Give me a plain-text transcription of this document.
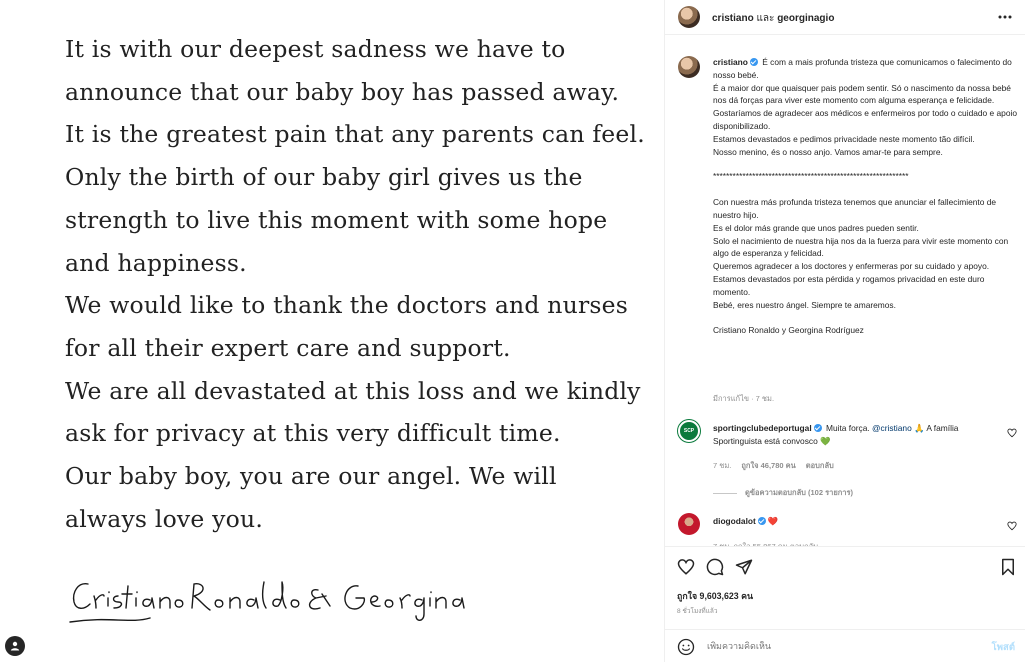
It is with our deepest sadness we have to
announce that our baby boy has passed away.
It is the greatest pain that any parents can feel.
Only the birth of our baby girl gives us the
strength to live this moment with some hope
and happiness.
We would like to thank the doctors and nurses
for all their expert care and support.
We are all devastated at this loss and we kindly
ask for privacy at this very difficult time.
Our baby boy, you are our angel. We will
always love you.
cristiano และ georginagio

cristiano É com a mais profunda tristeza que comunicamos o falecimento do nosso bebé.
É a maior dor que quaisquer pais podem sentir. Só o nascimento da nossa bebé nos dá forças para viver este momento com alguma esperança e felicidade.
Gostaríamos de agradecer aos médicos e enfermeiros por todo o cuidado e apoio disponibilizado.
Estamos devastados e pedimos privacidade neste momento tão difícil.
Nosso menino, és o nosso anjo. Vamos amar-te para sempre.

************************************************************

Con nuestra más profunda tristeza tenemos que anunciar el fallecimiento de nuestro hijo.
Es el dolor más grande que unos padres pueden sentir.
Solo el nacimiento de nuestra hija nos da la fuerza para vivir este momento con algo de esperanza y felicidad.
Queremos agradecer a los doctores y enfermeras por su cuidado y apoyo.
Estamos devastados por esta pérdida y rogamos privacidad en este duro momento.
Bebé, eres nuestro ángel. Siempre te amaremos.

Cristiano Ronaldo y Georgina Rodríguez

มีการแก้ไข · 7 ชม.
SCP	sportingclubedeportugal Muita força. @cristiano 🙏 A família Sportinguista está convosco 💚
7 ชม. ถูกใจ 46,780 คน ตอบกลับ
ดูข้อความตอบกลับ (102 รายการ)
diogodalot ❤️
ถูกใจ 9,603,623 คน
8 ชั่วโมงที่แล้ว
เพิ่มความคิดเห็น
โพสต์
